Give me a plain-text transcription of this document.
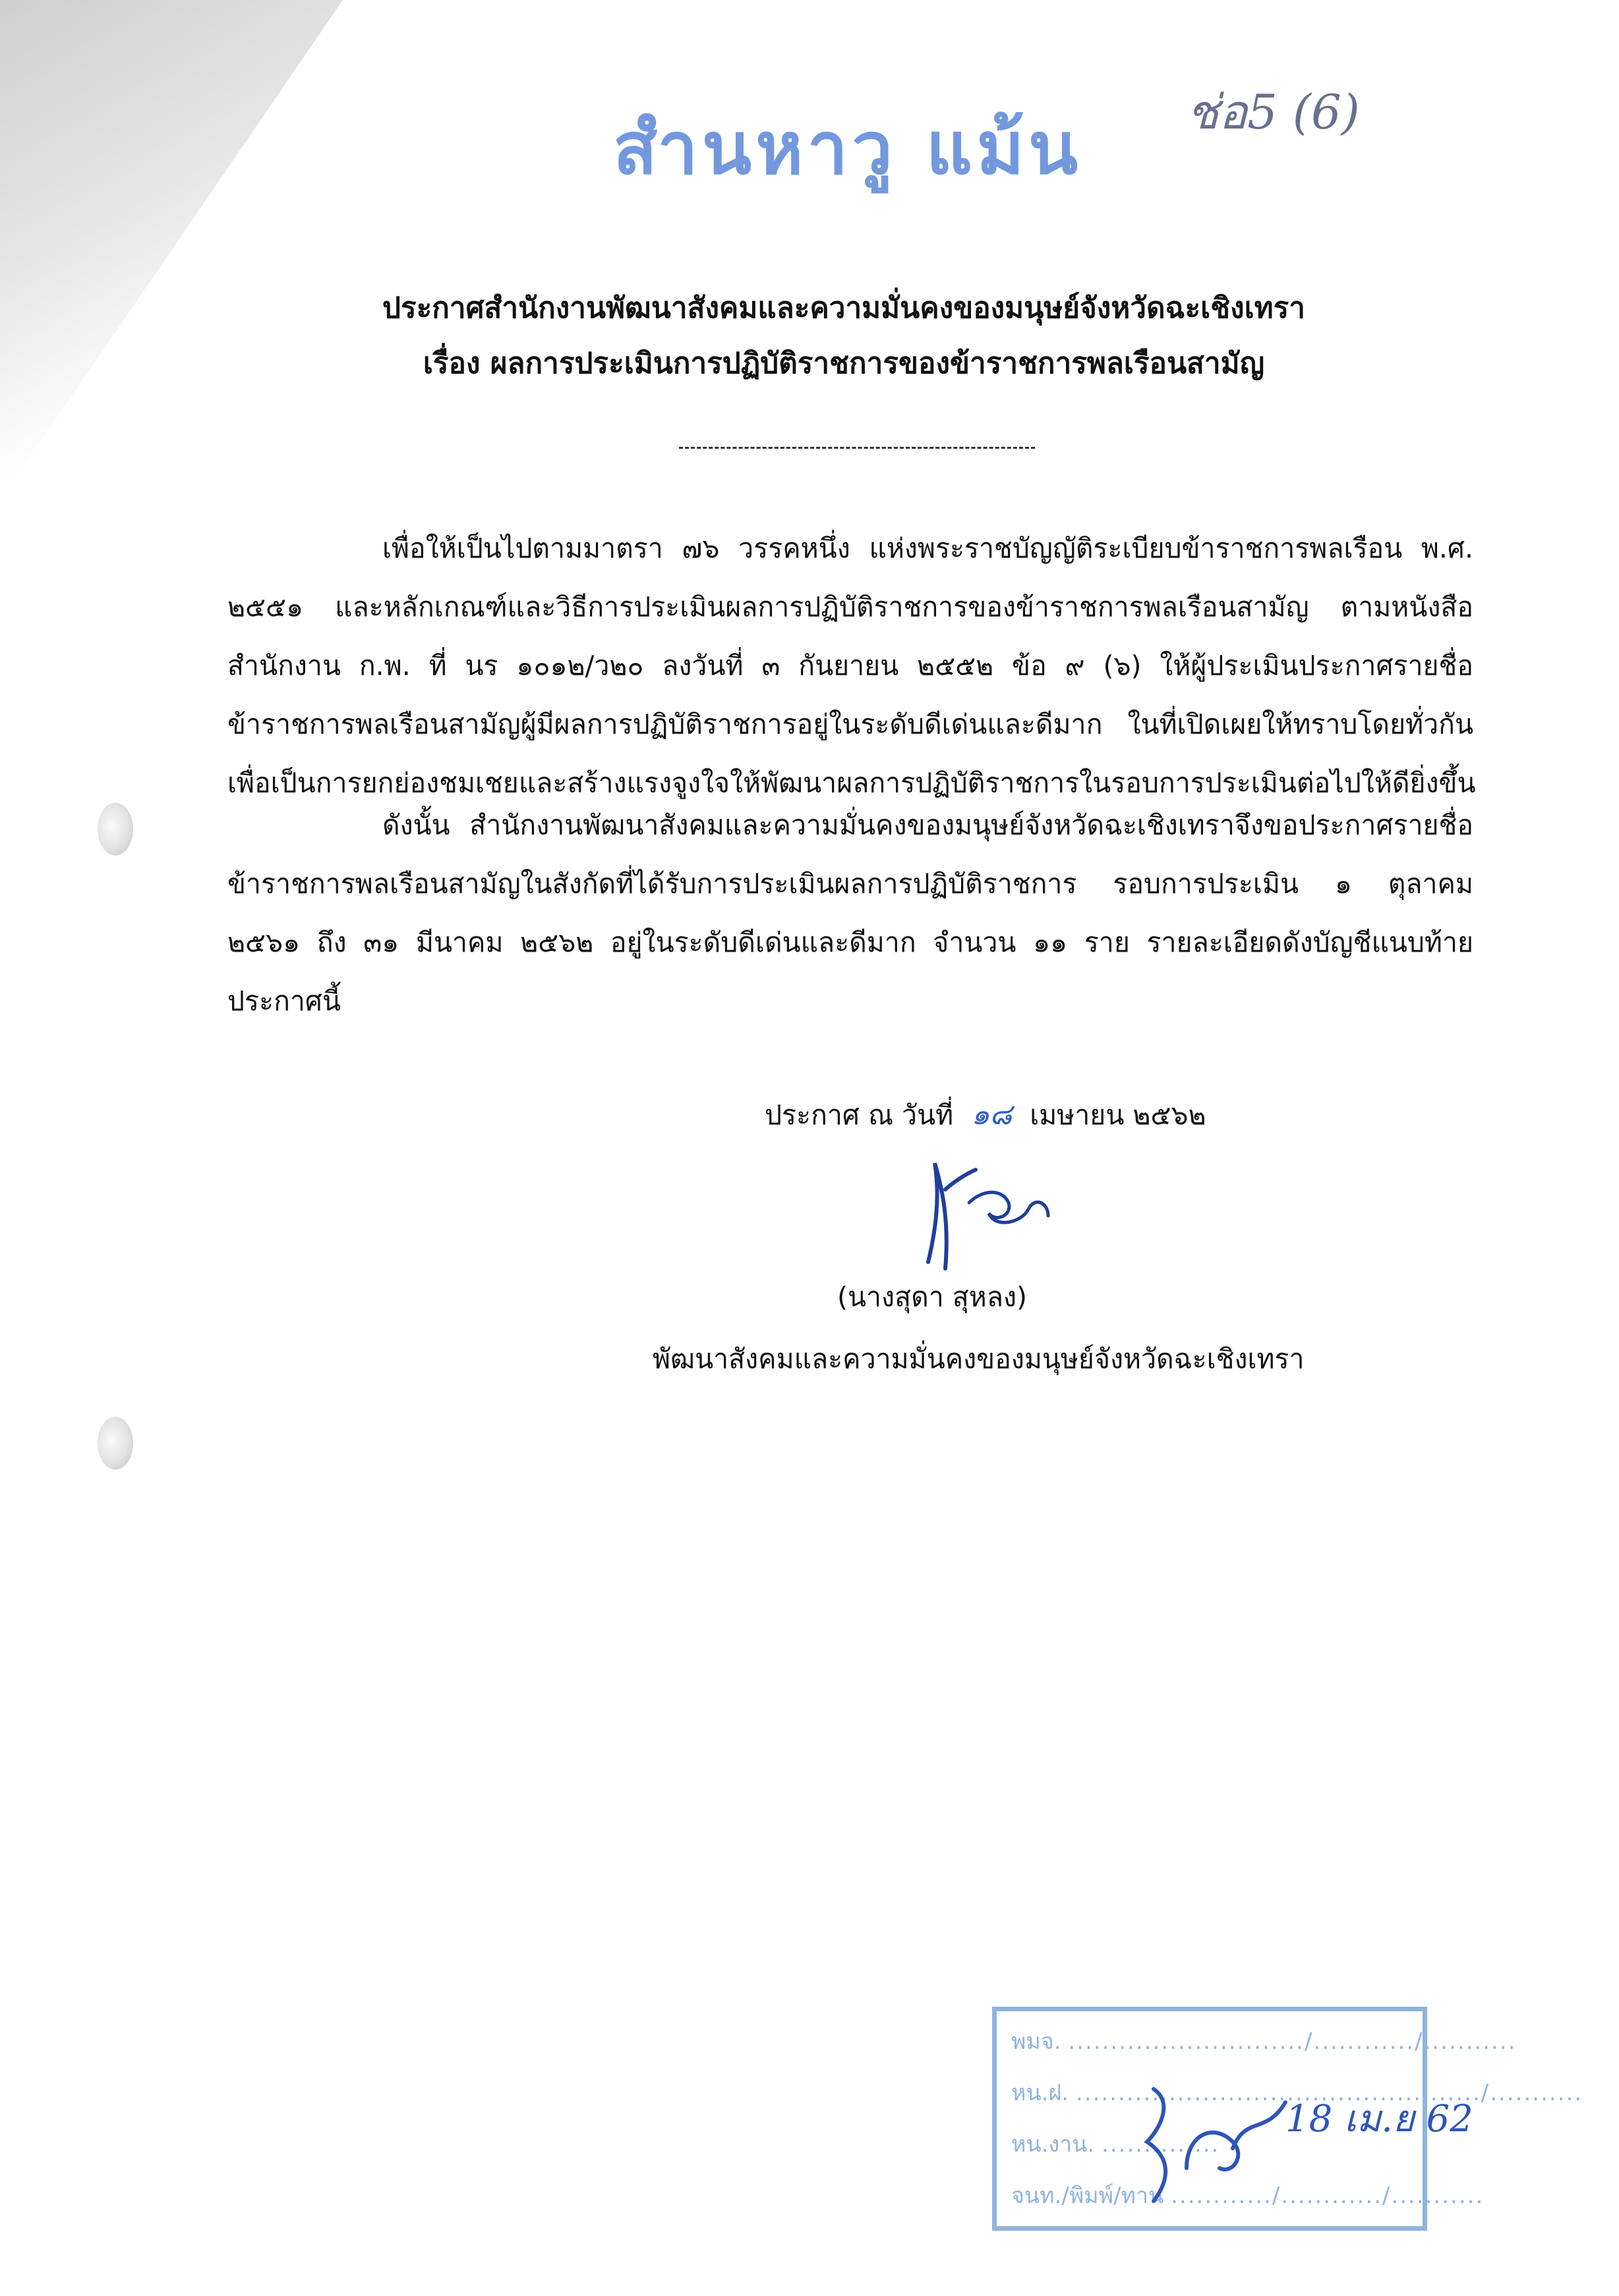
สำนหาวู แม้น ช่อ5 (6)
ประกาศสำนักงานพัฒนาสังคมและความมั่นคงของมนุษย์จังหวัดฉะเชิงเทรา
เรื่อง ผลการประเมินการปฏิบัติราชการของข้าราชการพลเรือนสามัญ
เพื่อให้เป็นไปตามมาตรา ๗๖ วรรคหนึ่ง แห่งพระราชบัญญัติระเบียบข้าราชการพลเรือน พ.ศ.
๒๕๕๑ และหลักเกณฑ์และวิธีการประเมินผลการปฏิบัติราชการของข้าราชการพลเรือนสามัญ ตามหนังสือ
สำนักงาน ก.พ. ที่ นร ๑๐๑๒/ว๒๐ ลงวันที่ ๓ กันยายน ๒๕๕๒ ข้อ ๙ (๖) ให้ผู้ประเมินประกาศรายชื่อ
ข้าราชการพลเรือนสามัญผู้มีผลการปฏิบัติราชการอยู่ในระดับดีเด่นและดีมาก ในที่เปิดเผยให้ทราบโดยทั่วกัน
เพื่อเป็นการยกย่องชมเชยและสร้างแรงจูงใจให้พัฒนาผลการปฏิบัติราชการในรอบการประเมินต่อไปให้ดียิ่งขึ้น
ดังนั้น สำนักงานพัฒนาสังคมและความมั่นคงของมนุษย์จังหวัดฉะเชิงเทราจึงขอประกาศรายชื่อ
ข้าราชการพลเรือนสามัญในสังกัดที่ได้รับการประเมินผลการปฏิบัติราชการ รอบการประเมิน ๑ ตุลาคม
๒๕๖๑ ถึง ๓๑ มีนาคม ๒๕๖๒ อยู่ในระดับดีเด่นและดีมาก จำนวน ๑๑ ราย รายละเอียดดังบัญชีแนบท้าย
ประกาศนี้
ประกาศ ณ วันที่ ๑๘ เมษายน ๒๕๖๒
(นางสุดา สุหลง)
พัฒนาสังคมและความมั่นคงของมนุษย์จังหวัดฉะเชิงเทรา
พมจ. ............................/............/...........
หน.ฝ. ................................................/...........
หน.งาน. ..............
จนท./พิมพ์/ทาน ............/............/...........
18 เม.ย 62
